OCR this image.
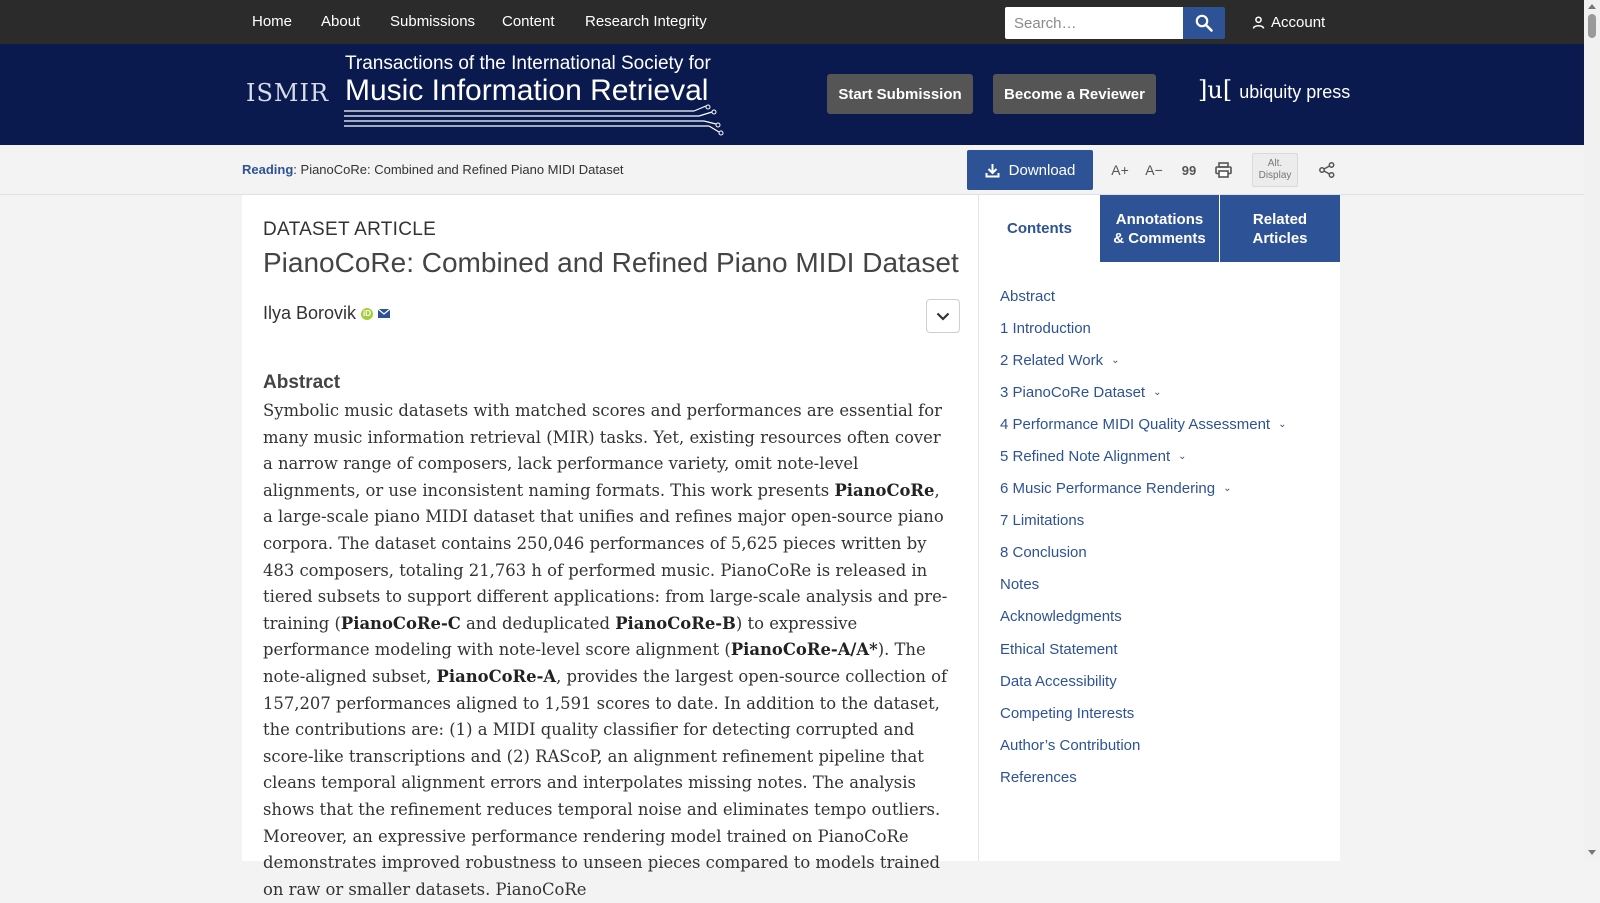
Home About Submissions Content Research Integrity
Search…	Account
ISMIR
Transactions of the International Society for
Music Information Retrieval	Start Submission	Become a Reviewer	]u[ ubiquity press
Reading: PianoCoRe: Combined and Refined Piano MIDI Dataset	Download	A+	A−	99	Alt.
Display
DATASET ARTICLE
PianoCoRe: Combined and Refined Piano MIDI Dataset
Ilya Borovik iD
Abstract

Symbolic music datasets with matched scores and performances are essential for many music information retrieval (MIR) tasks. Yet, existing resources often cover a narrow range of composers, lack performance variety, omit note-level alignments, or use inconsistent naming formats. This work presents PianoCoRe, a large-scale piano MIDI dataset that unifies and refines major open-source piano corpora. The dataset contains 250,046 performances of 5,625 pieces written by 483 composers, totaling 21,763 h of performed music. PianoCoRe is released in tiered subsets to support different applications: from large-scale analysis and pre-training (PianoCoRe-C and deduplicated PianoCoRe-B) to expressive performance modeling with note-level score alignment (PianoCoRe-A/A*). The note-aligned subset, PianoCoRe-A, provides the largest open-source collection of 157,207 performances aligned to 1,591 scores to date. In addition to the dataset, the contributions are: (1) a MIDI quality classifier for detecting corrupted and score-like transcriptions and (2) RAScoP, an alignment refinement pipeline that cleans temporal alignment errors and interpolates missing notes. The analysis shows that the refinement reduces temporal noise and eliminates tempo outliers. Moreover, an expressive performance rendering model trained on PianoCoRe demonstrates improved robustness to unseen pieces compared to models trained on raw or smaller datasets. PianoCoRe

Contents
Annotations
& Comments
Related
Articles
Abstract
1 Introduction
2 Related Work ⌄
3 PianoCoRe Dataset ⌄
4 Performance MIDI Quality Assessment ⌄
5 Refined Note Alignment ⌄
6 Music Performance Rendering ⌄
7 Limitations
8 Conclusion
Notes
Acknowledgments
Ethical Statement
Data Accessibility
Competing Interests
Author’s Contribution
References
